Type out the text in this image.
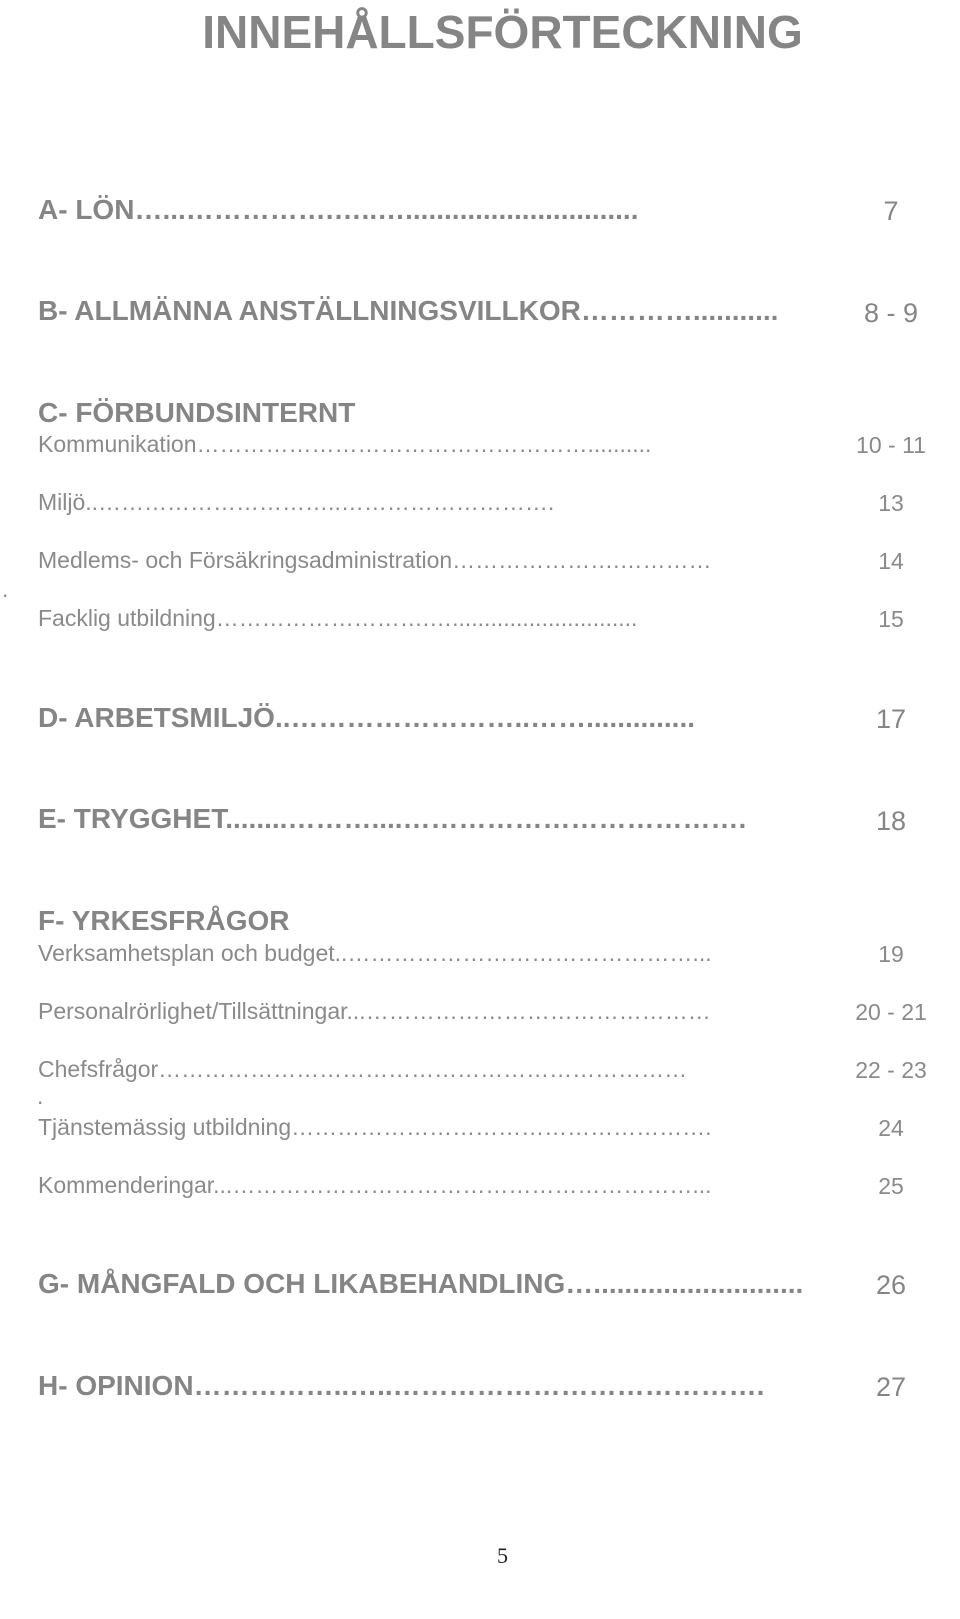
INNEHÅLLSFÖRTECKNING
A- LÖN…...…………….…..…..............................	7
B- ALLMÄNNA ANSTÄLLNINGSVILLKOR…………...........	8 - 9
C- FÖRBUNDSINTERNT
Kommunikation……………………………………………..........	10 - 11
Miljö..…………………………..……………………….	13
Medlems- och Försäkringsadministration………………….…………	14
.
Facklig utbildning……………………….….............................	15
D- ARBETSMILJÖ..……………………..……..............	17
E- TRYGGHET........………....……………………………….	18
F- YRKESFRÅGOR
Verksamhetsplan och budget..………………………………………...	19
Personalrörlighet/Tillsättningar...………………………………………	20 - 21
Chefsfrågor……………………………………………………………	22 - 23
.
Tjänstemässig utbildning……………………………………………….	24
Kommenderingar...……………………………………………………...	25
G- MÅNGFALD OCH LIKABEHANDLING…...........................	26
H- OPINION……………..…..………………………………….	27
5
